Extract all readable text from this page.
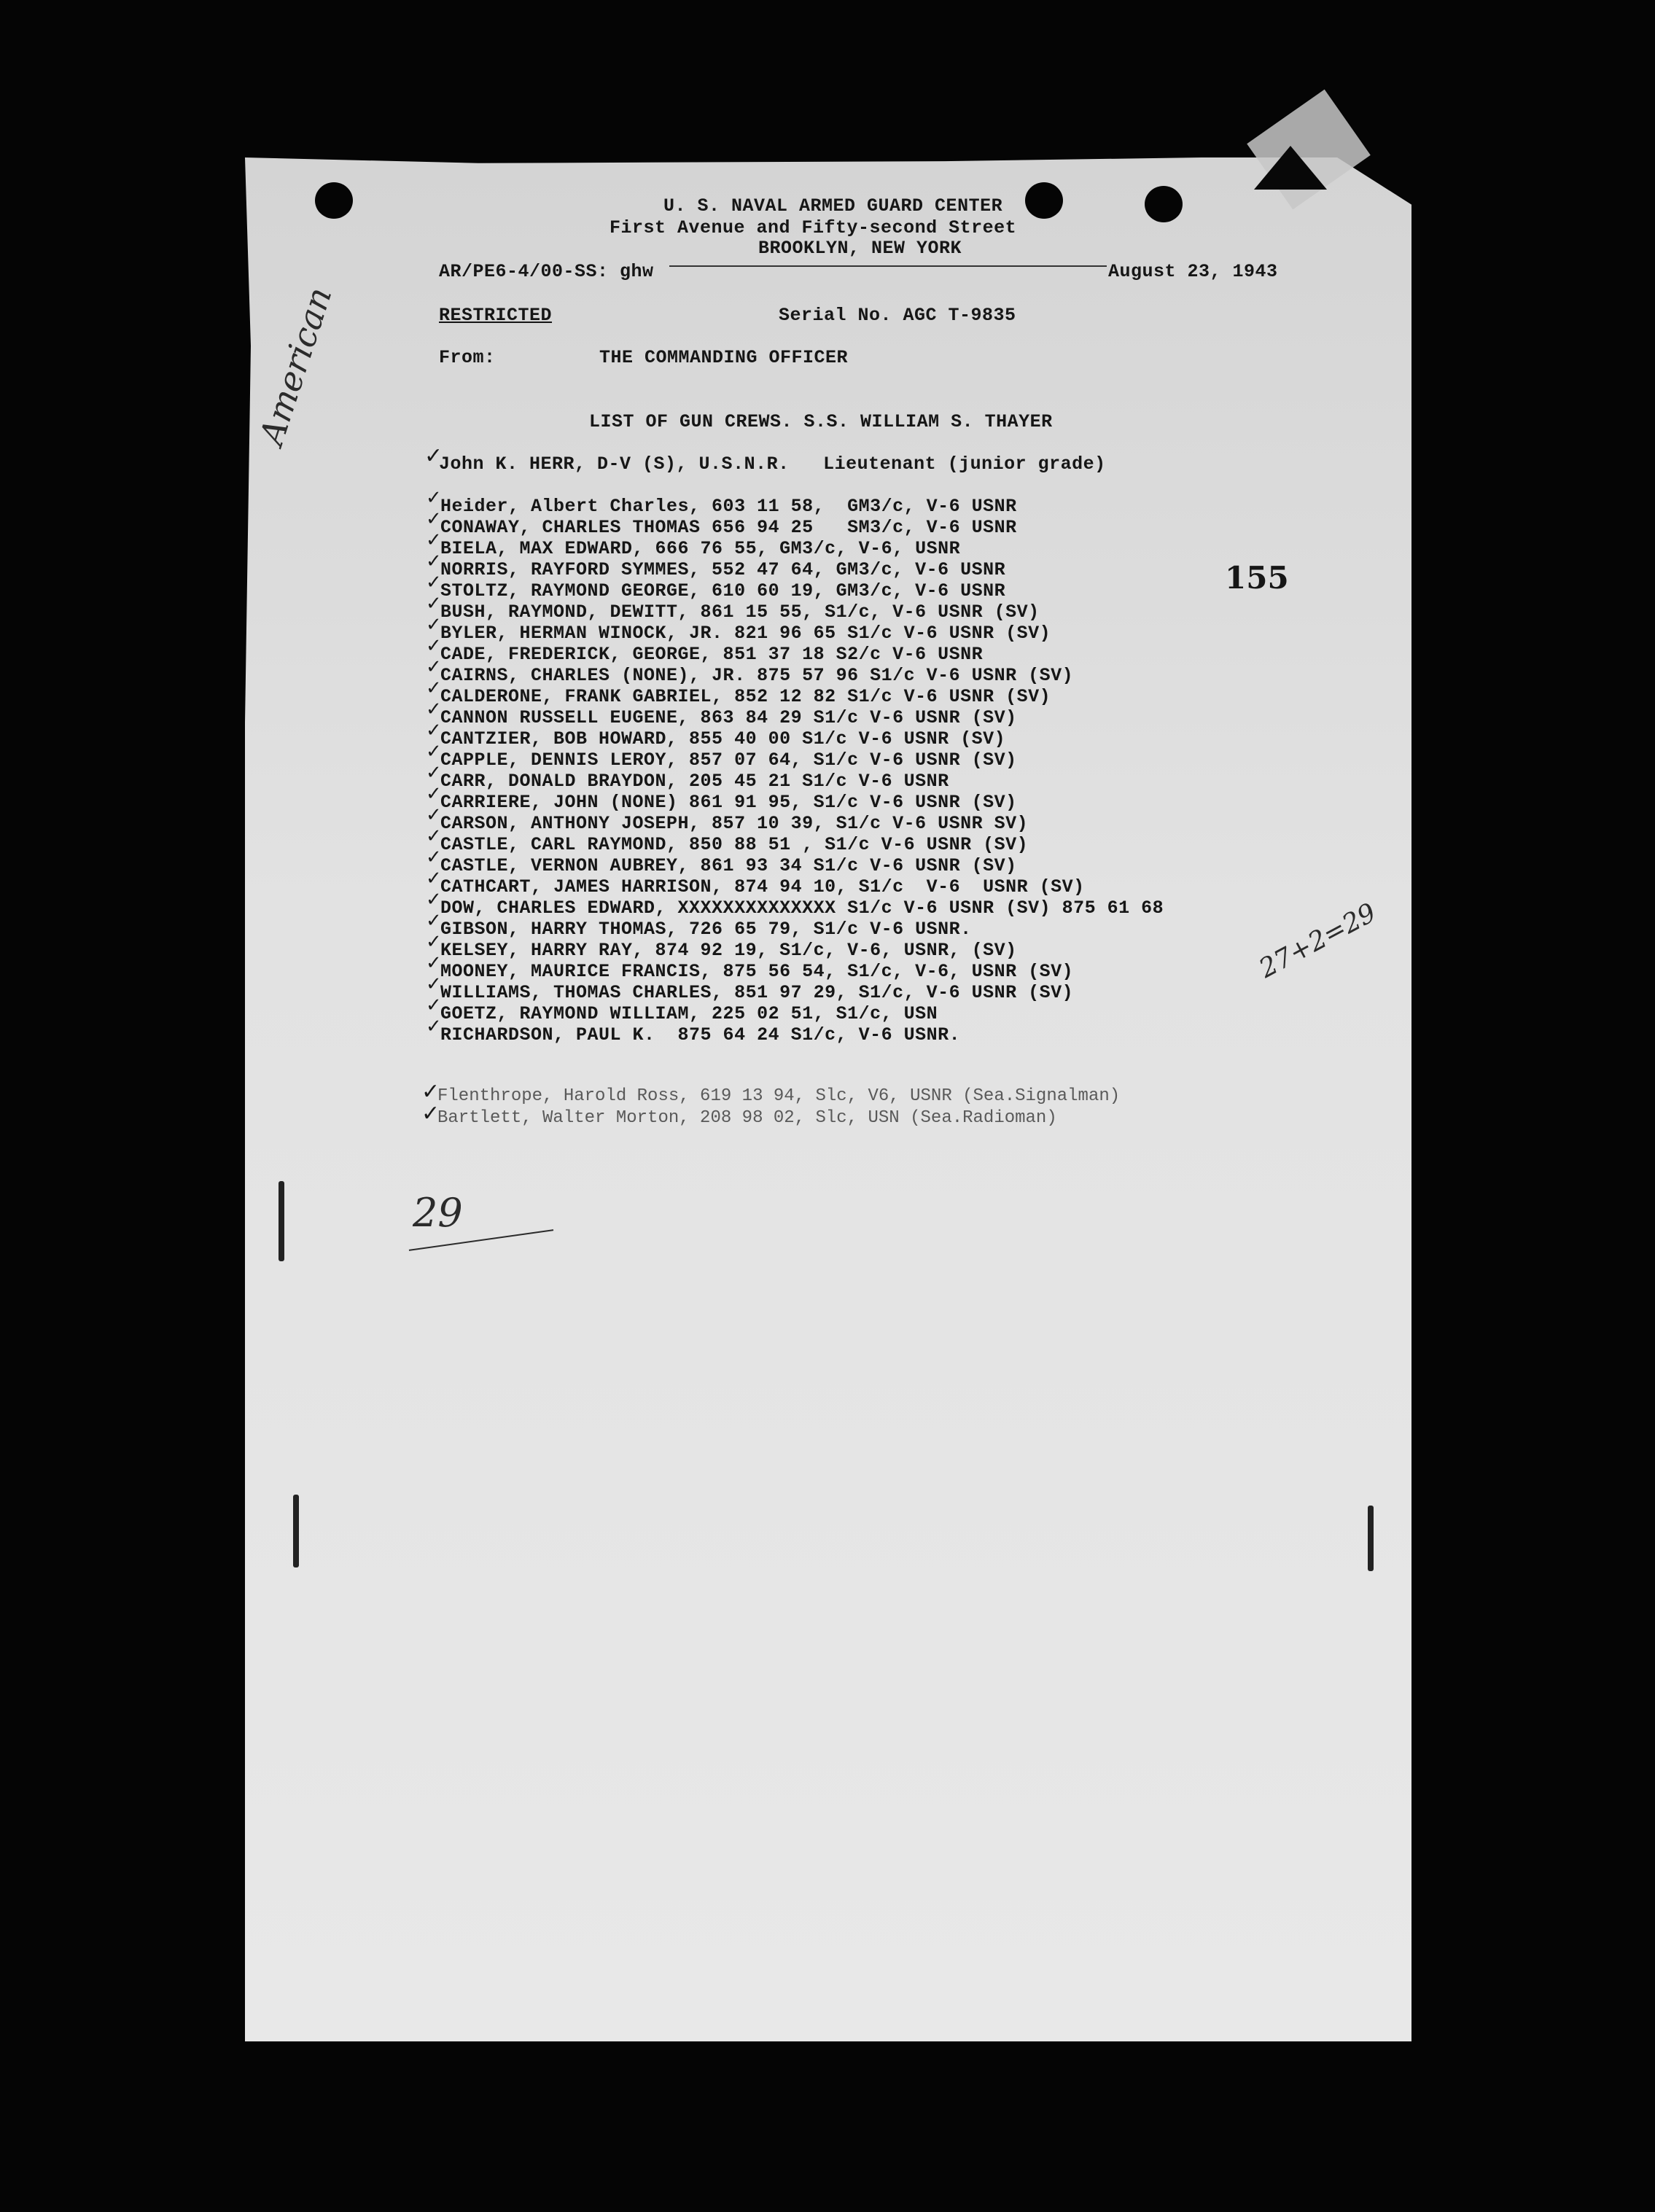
U. S. NAVAL ARMED GUARD CENTER
First Avenue and Fifty-second Street
BROOKLYN, NEW YORK
AR/PE6-4/00-SS: ghw	August 23, 1943
RESTRICTED	Serial No. AGC T-9835
From:	THE COMMANDING OFFICER
LIST OF GUN CREWS. S.S. WILLIAM S. THAYER
✓
John K. HERR, D-V (S), U.S.N.R.   Lieutenant (junior grade)
Heider, Albert Charles, 603 11 58,  GM3/c, V-6 USNR
CONAWAY, CHARLES THOMAS 656 94 25   SM3/c, V-6 USNR
BIELA, MAX EDWARD, 666 76 55, GM3/c, V-6, USNR
NORRIS, RAYFORD SYMMES, 552 47 64, GM3/c, V-6 USNR
STOLTZ, RAYMOND GEORGE, 610 60 19, GM3/c, V-6 USNR
BUSH, RAYMOND, DEWITT, 861 15 55, S1/c, V-6 USNR (SV)
BYLER, HERMAN WINOCK, JR. 821 96 65 S1/c V-6 USNR (SV)
CADE, FREDERICK, GEORGE, 851 37 18 S2/c V-6 USNR
CAIRNS, CHARLES (NONE), JR. 875 57 96 S1/c V-6 USNR (SV)
CALDERONE, FRANK GABRIEL, 852 12 82 S1/c V-6 USNR (SV)
CANNON RUSSELL EUGENE, 863 84 29 S1/c V-6 USNR (SV)
CANTZIER, BOB HOWARD, 855 40 00 S1/c V-6 USNR (SV)
CAPPLE, DENNIS LEROY, 857 07 64, S1/c V-6 USNR (SV)
CARR, DONALD BRAYDON, 205 45 21 S1/c V-6 USNR
CARRIERE, JOHN (NONE) 861 91 95, S1/c V-6 USNR (SV)
CARSON, ANTHONY JOSEPH, 857 10 39, S1/c V-6 USNR SV)
CASTLE, CARL RAYMOND, 850 88 51 , S1/c V-6 USNR (SV)
CASTLE, VERNON AUBREY, 861 93 34 S1/c V-6 USNR (SV)
CATHCART, JAMES HARRISON, 874 94 10, S1/c  V-6  USNR (SV)
DOW, CHARLES EDWARD, XXXXXXXXXXXXXX S1/c V-6 USNR (SV) 875 61 68
GIBSON, HARRY THOMAS, 726 65 79, S1/c V-6 USNR.
KELSEY, HARRY RAY, 874 92 19, S1/c, V-6, USNR, (SV)
MOONEY, MAURICE FRANCIS, 875 56 54, S1/c, V-6, USNR (SV)
WILLIAMS, THOMAS CHARLES, 851 97 29, S1/c, V-6 USNR (SV)
GOETZ, RAYMOND WILLIAM, 225 02 51, S1/c, USN
RICHARDSON, PAUL K.  875 64 24 S1/c, V-6 USNR.
✓
✓
✓
✓
✓
✓
✓
✓
✓
✓
✓
✓
✓
✓
✓
✓
✓
✓
✓
✓
✓
✓
✓
✓
✓
✓
✓
Flenthrope, Harold Ross, 619 13 94, Slc, V6, USNR (Sea.Signalman)
✓
Bartlett, Walter Morton, 208 98 02, Slc, USN (Sea.Radioman)
American
155
27+2=29
29
